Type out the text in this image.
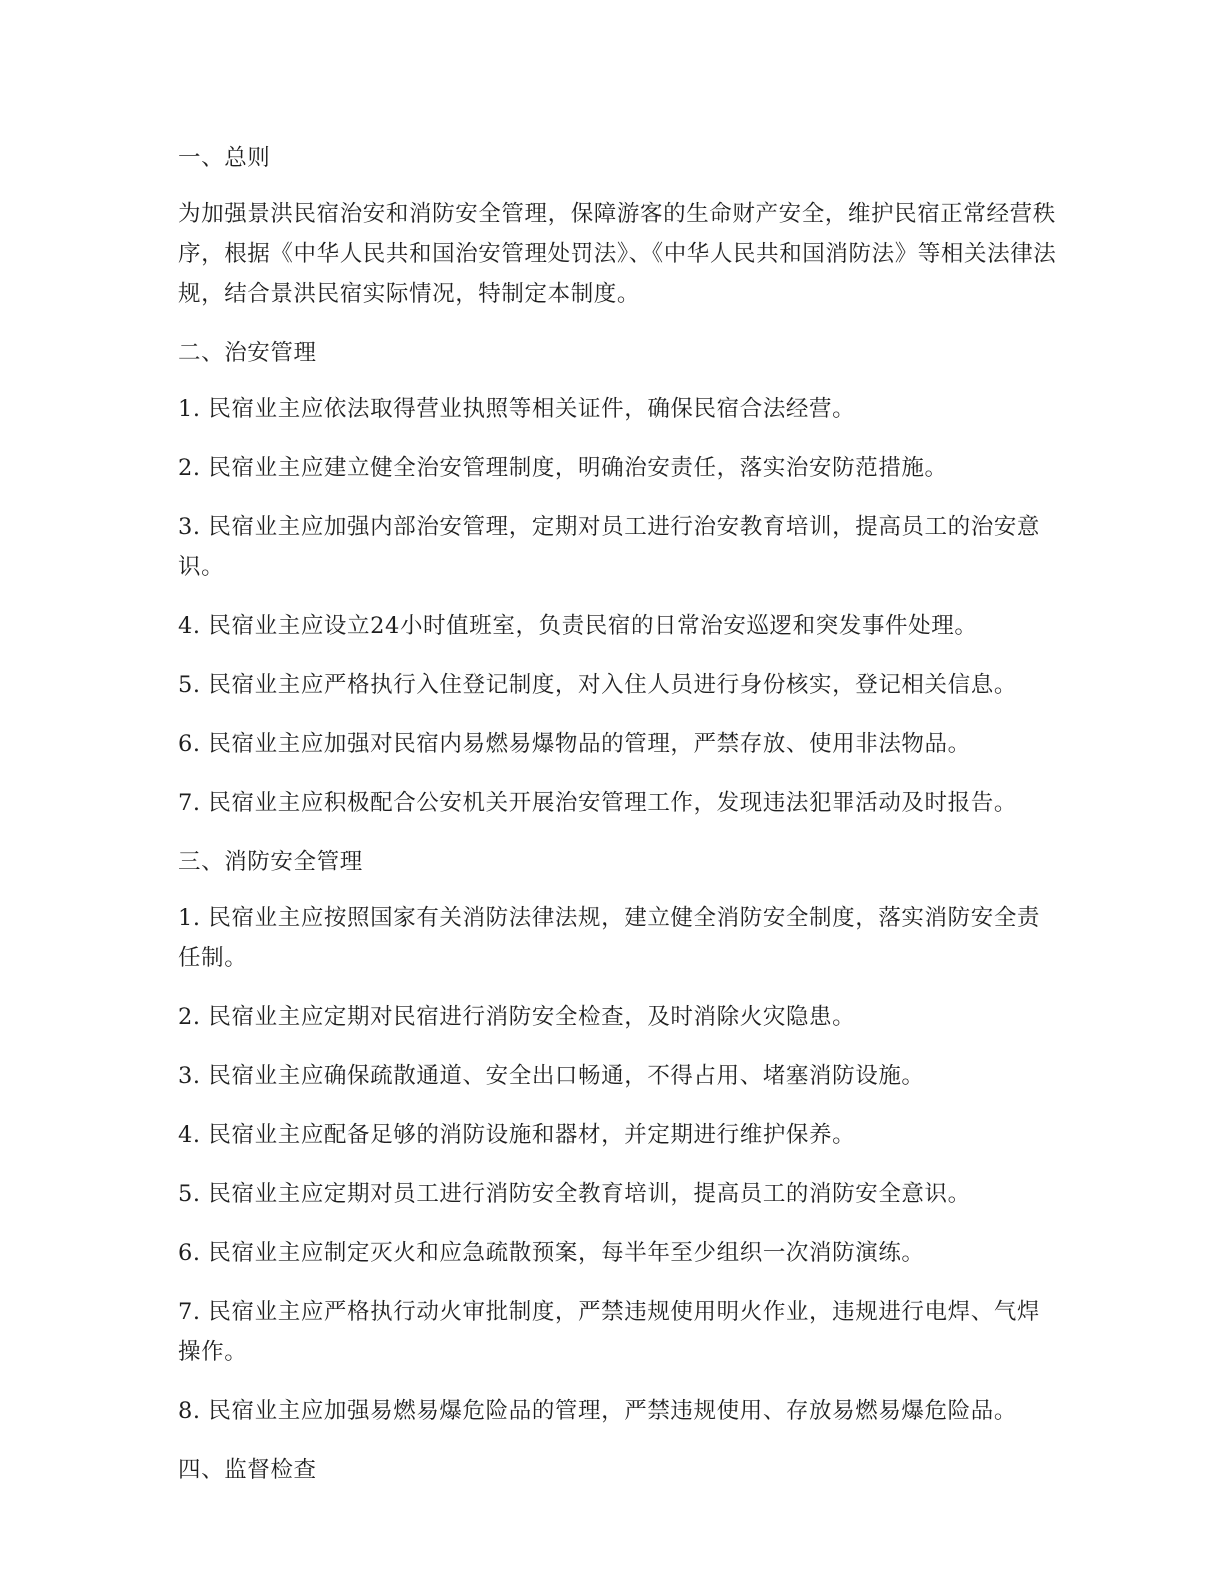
一、总则
为加强景洪民宿治安和消防安全管理，保障游客的生命财产安全，维护民宿正常经营秩序，根据《中华人民共和国治安管理处罚法》、《中华人民共和国消防法》等相关法律法规，结合景洪民宿实际情况，特制定本制度。
二、治安管理
1. 民宿业主应依法取得营业执照等相关证件，确保民宿合法经营。
2. 民宿业主应建立健全治安管理制度，明确治安责任，落实治安防范措施。
3. 民宿业主应加强内部治安管理，定期对员工进行治安教育培训，提高员工的治安意识。
4. 民宿业主应设立24小时值班室，负责民宿的日常治安巡逻和突发事件处理。
5. 民宿业主应严格执行入住登记制度，对入住人员进行身份核实，登记相关信息。
6. 民宿业主应加强对民宿内易燃易爆物品的管理，严禁存放、使用非法物品。
7. 民宿业主应积极配合公安机关开展治安管理工作，发现违法犯罪活动及时报告。
三、消防安全管理
1. 民宿业主应按照国家有关消防法律法规，建立健全消防安全制度，落实消防安全责任制。
2. 民宿业主应定期对民宿进行消防安全检查，及时消除火灾隐患。
3. 民宿业主应确保疏散通道、安全出口畅通，不得占用、堵塞消防设施。
4. 民宿业主应配备足够的消防设施和器材，并定期进行维护保养。
5. 民宿业主应定期对员工进行消防安全教育培训，提高员工的消防安全意识。
6. 民宿业主应制定灭火和应急疏散预案，每半年至少组织一次消防演练。
7. 民宿业主应严格执行动火审批制度，严禁违规使用明火作业，违规进行电焊、气焊操作。
8. 民宿业主应加强易燃易爆危险品的管理，严禁违规使用、存放易燃易爆危险品。
四、监督检查
